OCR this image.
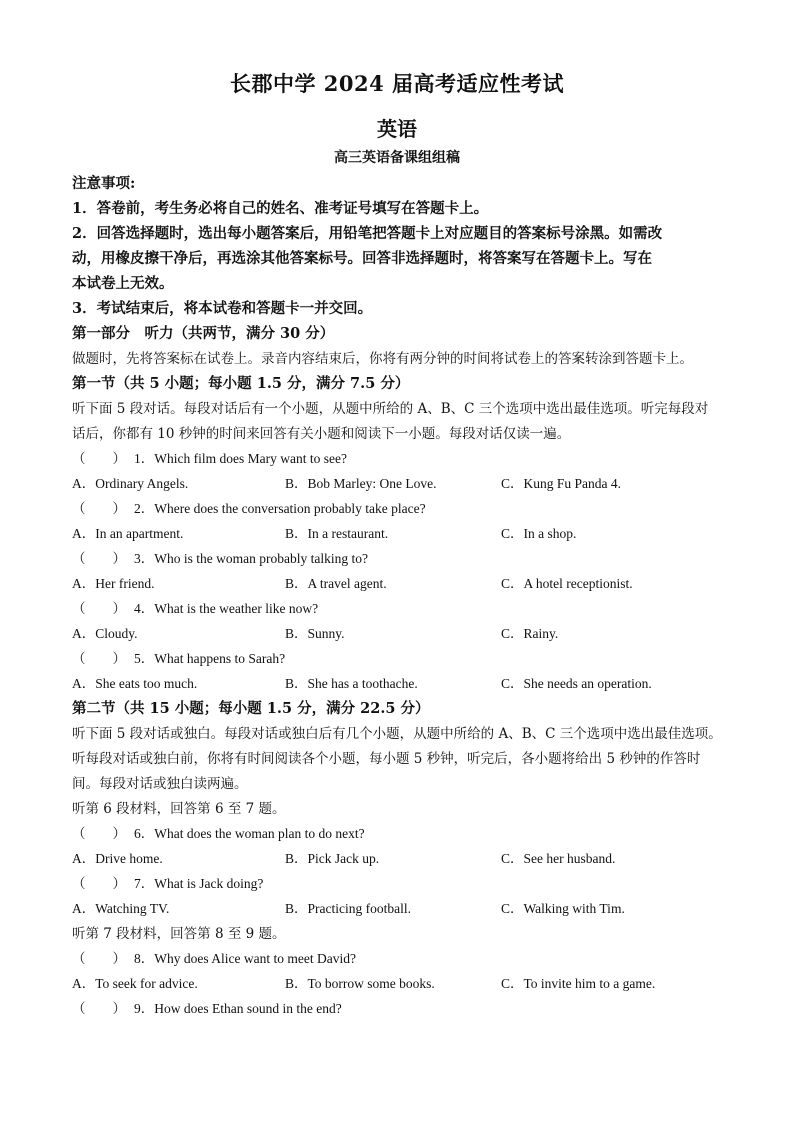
长郡中学 2024 届高考适应性考试
英语
高三英语备课组组稿
注意事项:
1．答卷前，考生务必将自己的姓名、准考证号填写在答题卡上。
2．回答选择题时，选出每小题答案后，用铅笔把答题卡上对应题目的答案标号涂黑。如需改
动，用橡皮擦干净后，再选涂其他答案标号。回答非选择题时，将答案写在答题卡上。写在
本试卷上无效。
3．考试结束后，将本试卷和答题卡一并交回。
第一部分　听力（共两节，满分 30 分）
做题时，先将答案标在试卷上。录音内容结束后，你将有两分钟的时间将试卷上的答案转涂到答题卡上。
第一节（共 5 小题；每小题 1.5 分，满分 7.5 分）
听下面 5 段对话。每段对话后有一个小题，从题中所给的 A、B、C 三个选项中选出最佳选项。听完每段对
话后，你都有 10 秒钟的时间来回答有关小题和阅读下一小题。每段对话仅读一遍。
（　　） 1．Which film does Mary want to see?
A．Ordinary Angels.	B．Bob Marley: One Love.	C．Kung Fu Panda 4.
（　　） 2．Where does the conversation probably take place?
A．In an apartment.	B．In a restaurant.	C．In a shop.
（　　） 3．Who is the woman probably talking to?
A．Her friend.	B．A travel agent.	C．A hotel receptionist.
（　　） 4．What is the weather like now?
A．Cloudy.	B．Sunny.	C．Rainy.
（　　） 5．What happens to Sarah?
A．She eats too much.	B．She has a toothache.	C．She needs an operation.
第二节（共 15 小题；每小题 1.5 分，满分 22.5 分）
听下面 5 段对话或独白。每段对话或独白后有几个小题，从题中所给的 A、B、C 三个选项中选出最佳选项。
听每段对话或独白前，你将有时间阅读各个小题，每小题 5 秒钟，听完后，各小题将给出 5 秒钟的作答时
间。每段对话或独白读两遍。
听第 6 段材料，回答第 6 至 7 题。
（　　） 6．What does the woman plan to do next?
A．Drive home.	B．Pick Jack up.	C．See her husband.
（　　） 7．What is Jack doing?
A．Watching TV.	B．Practicing football.	C．Walking with Tim.
听第 7 段材料，回答第 8 至 9 题。
（　　） 8．Why does Alice want to meet David?
A．To seek for advice.	B．To borrow some books.	C．To invite him to a game.
（　　） 9．How does Ethan sound in the end?
